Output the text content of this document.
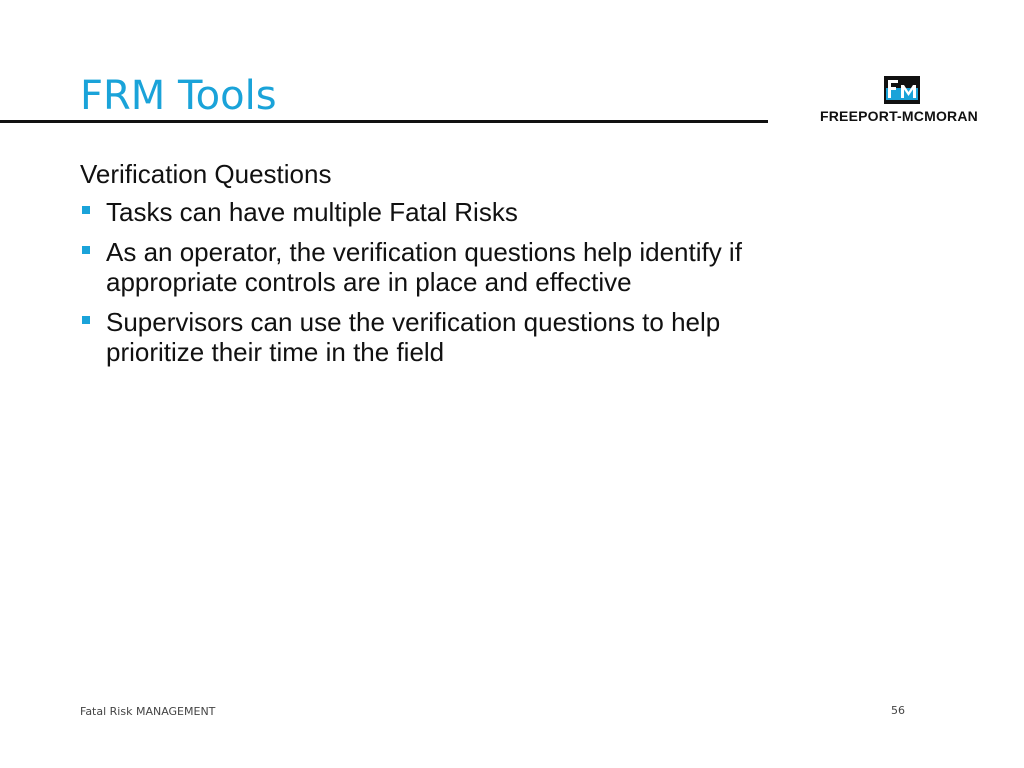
FRM Tools	FREEPORT-MCMORAN
Verification Questions
Tasks can have multiple Fatal Risks
As an operator, the verification questions help identify if appropriate controls are in place and effective
Supervisors can use the verification questions to help prioritize their time in the field
Fatal Risk MANAGEMENT	56
